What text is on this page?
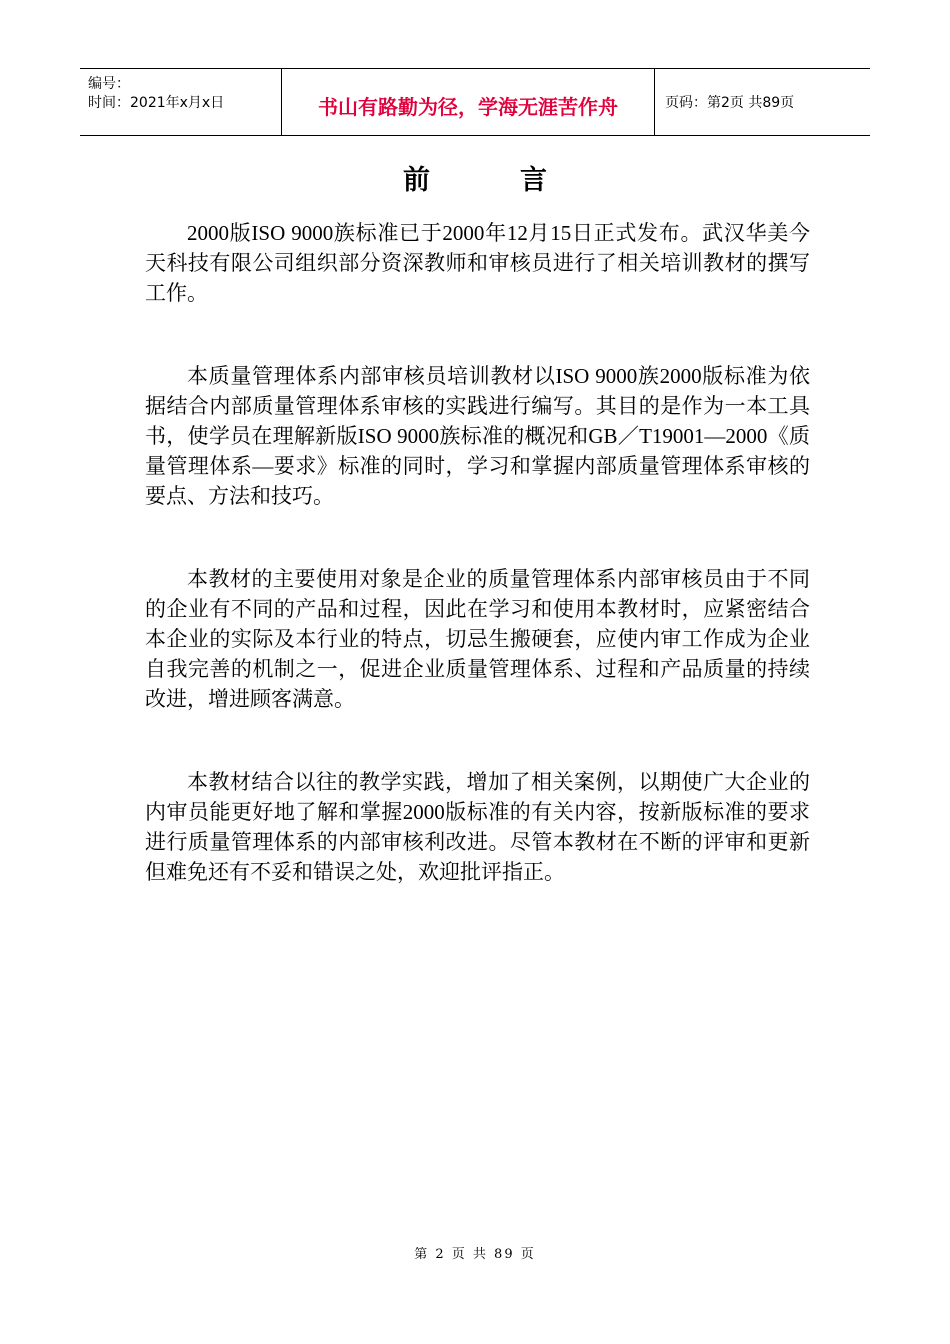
编号：
时间：2021年x月x日	书山有路勤为径，学海无涯苦作舟	页码：第2页 共89页
前言

2000版ISO 9000族标准已于2000年12月15日正式发布。武汉华美今天科技有限公司组织部分资深教师和审核员进行了相关培训教材的撰写工作。

本质量管理体系内部审核员培训教材以ISO 9000族2000版标准为依据结合内部质量管理体系审核的实践进行编写。其目的是作为一本工具书，使学员在理解新版ISO 9000族标准的概况和GB／T19001—2000《质量管理体系—要求》标准的同时，学习和掌握内部质量管理体系审核的要点、方法和技巧。

本教材的主要使用对象是企业的质量管理体系内部审核员由于不同的企业有不同的产品和过程，因此在学习和使用本教材时，应紧密结合本企业的实际及本行业的特点，切忌生搬硬套，应使内审工作成为企业自我完善的机制之一，促进企业质量管理体系、过程和产品质量的持续改进，增进顾客满意。

本教材结合以往的教学实践，增加了相关案例，以期使广大企业的内审员能更好地了解和掌握2000版标准的有关内容，按新版标准的要求进行质量管理体系的内部审核利改进。尽管本教材在不断的评审和更新但难免还有不妥和错误之处，欢迎批评指正。

第 2 页 共 89 页
